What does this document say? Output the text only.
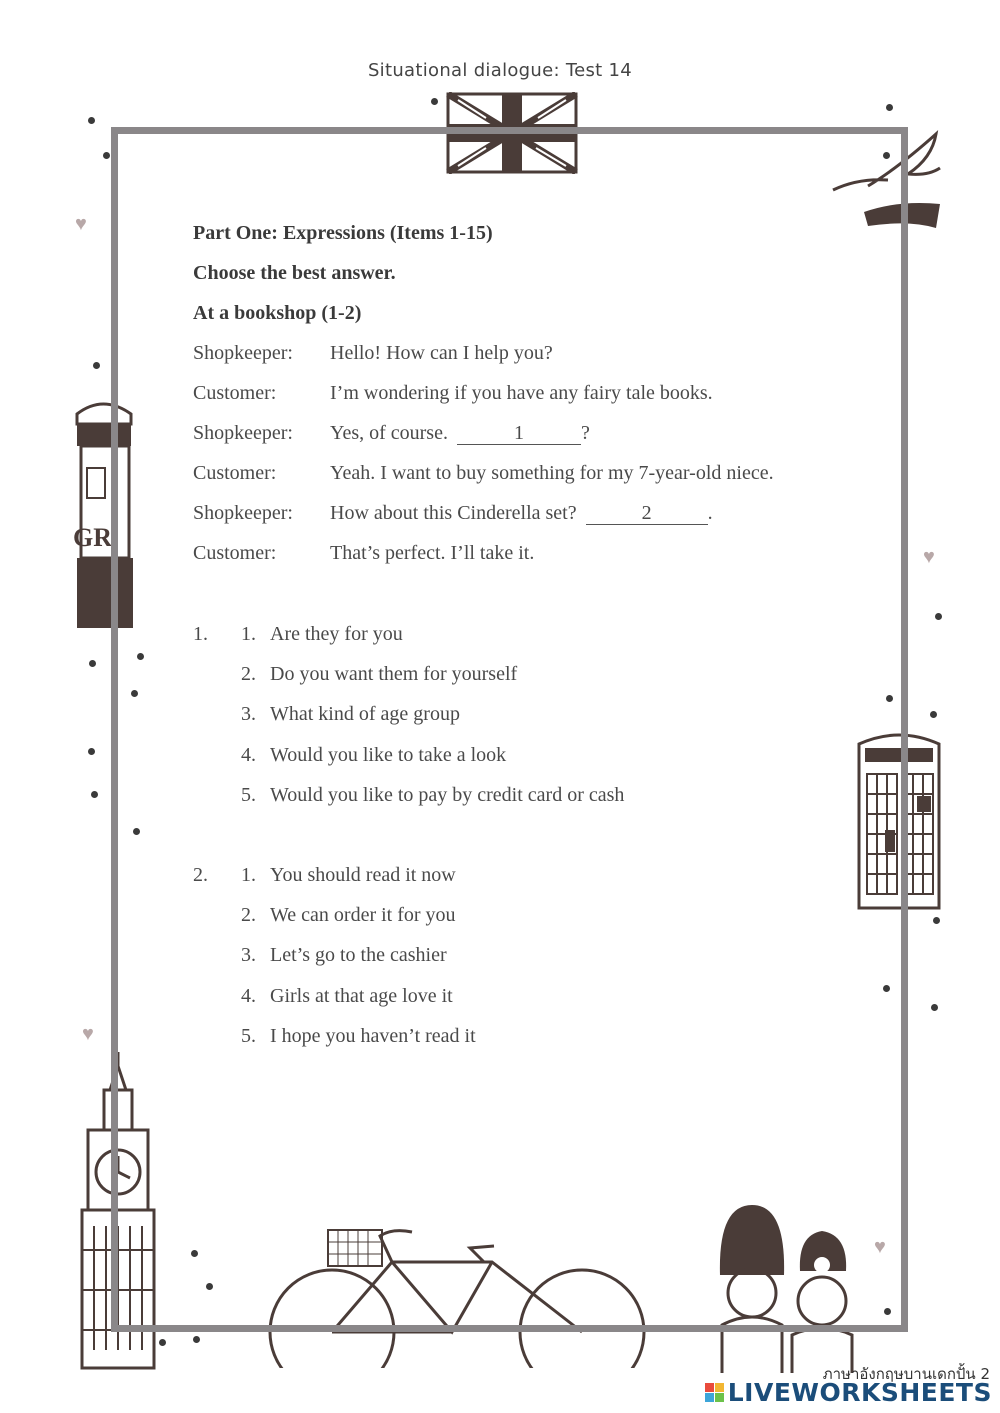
Situational dialogue: Test 14
GR
♥
♥
♥
♥
Part One: Expressions (Items 1-15)
Choose the best answer.
At a bookshop (1-2)
Shopkeeper:	Hello! How can I help you?
Customer:	I’m wondering if you have any fairy tale books.
Shopkeeper:	Yes, of course.	1	?
Customer:	Yeah. I want to buy something for my 7-year-old niece.
Shopkeeper:	How about this Cinderella set?	2	.
Customer:	That’s perfect. I’ll take it.
1.	1. Are they for you
2. Do you want them for yourself
3. What kind of age group
4. Would you like to take a look
5. Would you like to pay by credit card or cash
2.	1. You should read it now
2. We can order it for you
3. Let’s go to the cashier
4. Girls at that age love it
5. I hope you haven’t read it
ภาษาอังกฤษบานเดกปั้น 2
LIVEWORKSHEETS
